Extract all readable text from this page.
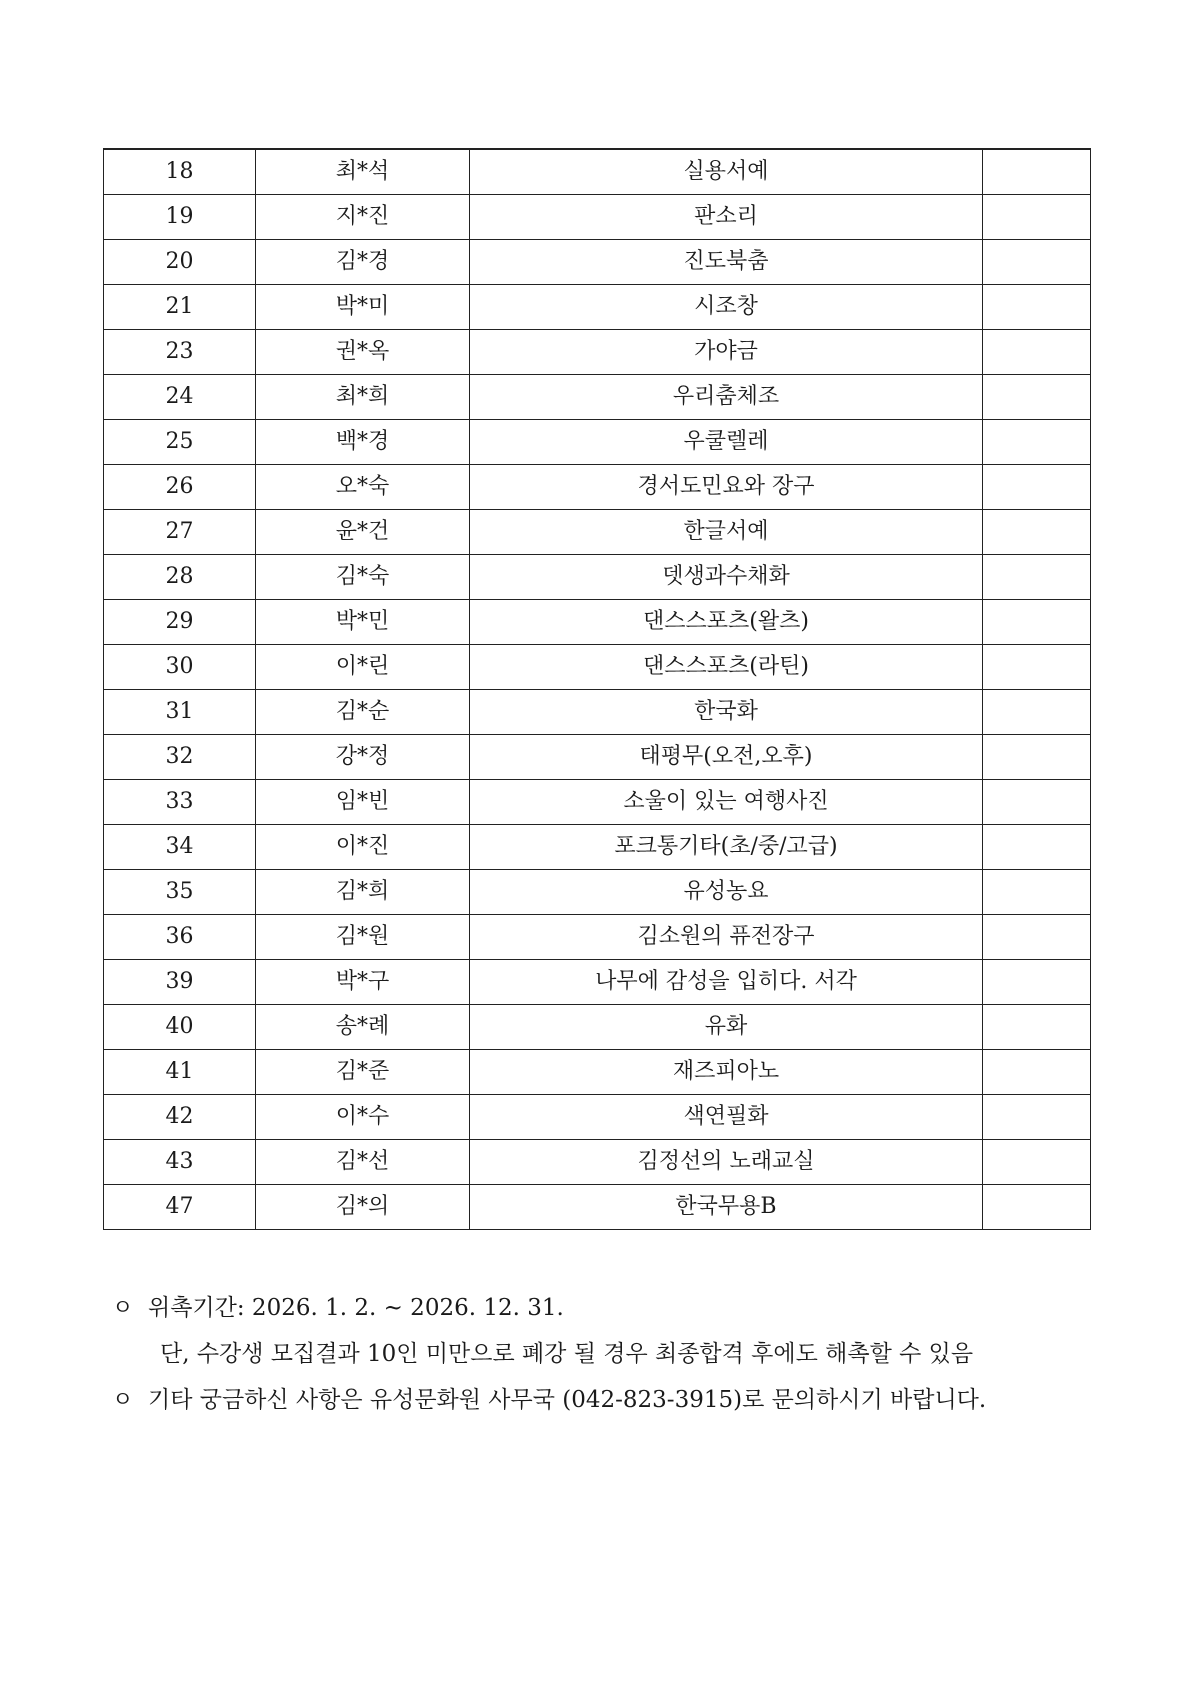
18	최*석	실용서예	
19	지*진	판소리	
20	김*경	진도북춤	
21	박*미	시조창	
23	권*옥	가야금	
24	최*희	우리춤체조	
25	백*경	우쿨렐레	
26	오*숙	경서도민요와 장구	
27	윤*건	한글서예	
28	김*숙	뎃생과수채화	
29	박*민	댄스스포츠(왈츠)	
30	이*린	댄스스포츠(라틴)	
31	김*순	한국화	
32	강*정	태평무(오전,오후)	
33	임*빈	소울이 있는 여행사진	
34	이*진	포크통기타(초/중/고급)	
35	김*희	유성농요	
36	김*원	김소원의 퓨전장구	
39	박*구	나무에 감성을 입히다. 서각	
40	송*례	유화	
41	김*준	재즈피아노	
42	이*수	색연필화	
43	김*선	김정선의 노래교실	
47	김*의	한국무용B	
ㅇ 위촉기간: 2026. 1. 2. ~ 2026. 12. 31.
단, 수강생 모집결과 10인 미만으로 폐강 될 경우 최종합격 후에도 해촉할 수 있음
ㅇ 기타 궁금하신 사항은 유성문화원 사무국 (042-823-3915)로 문의하시기 바랍니다.
